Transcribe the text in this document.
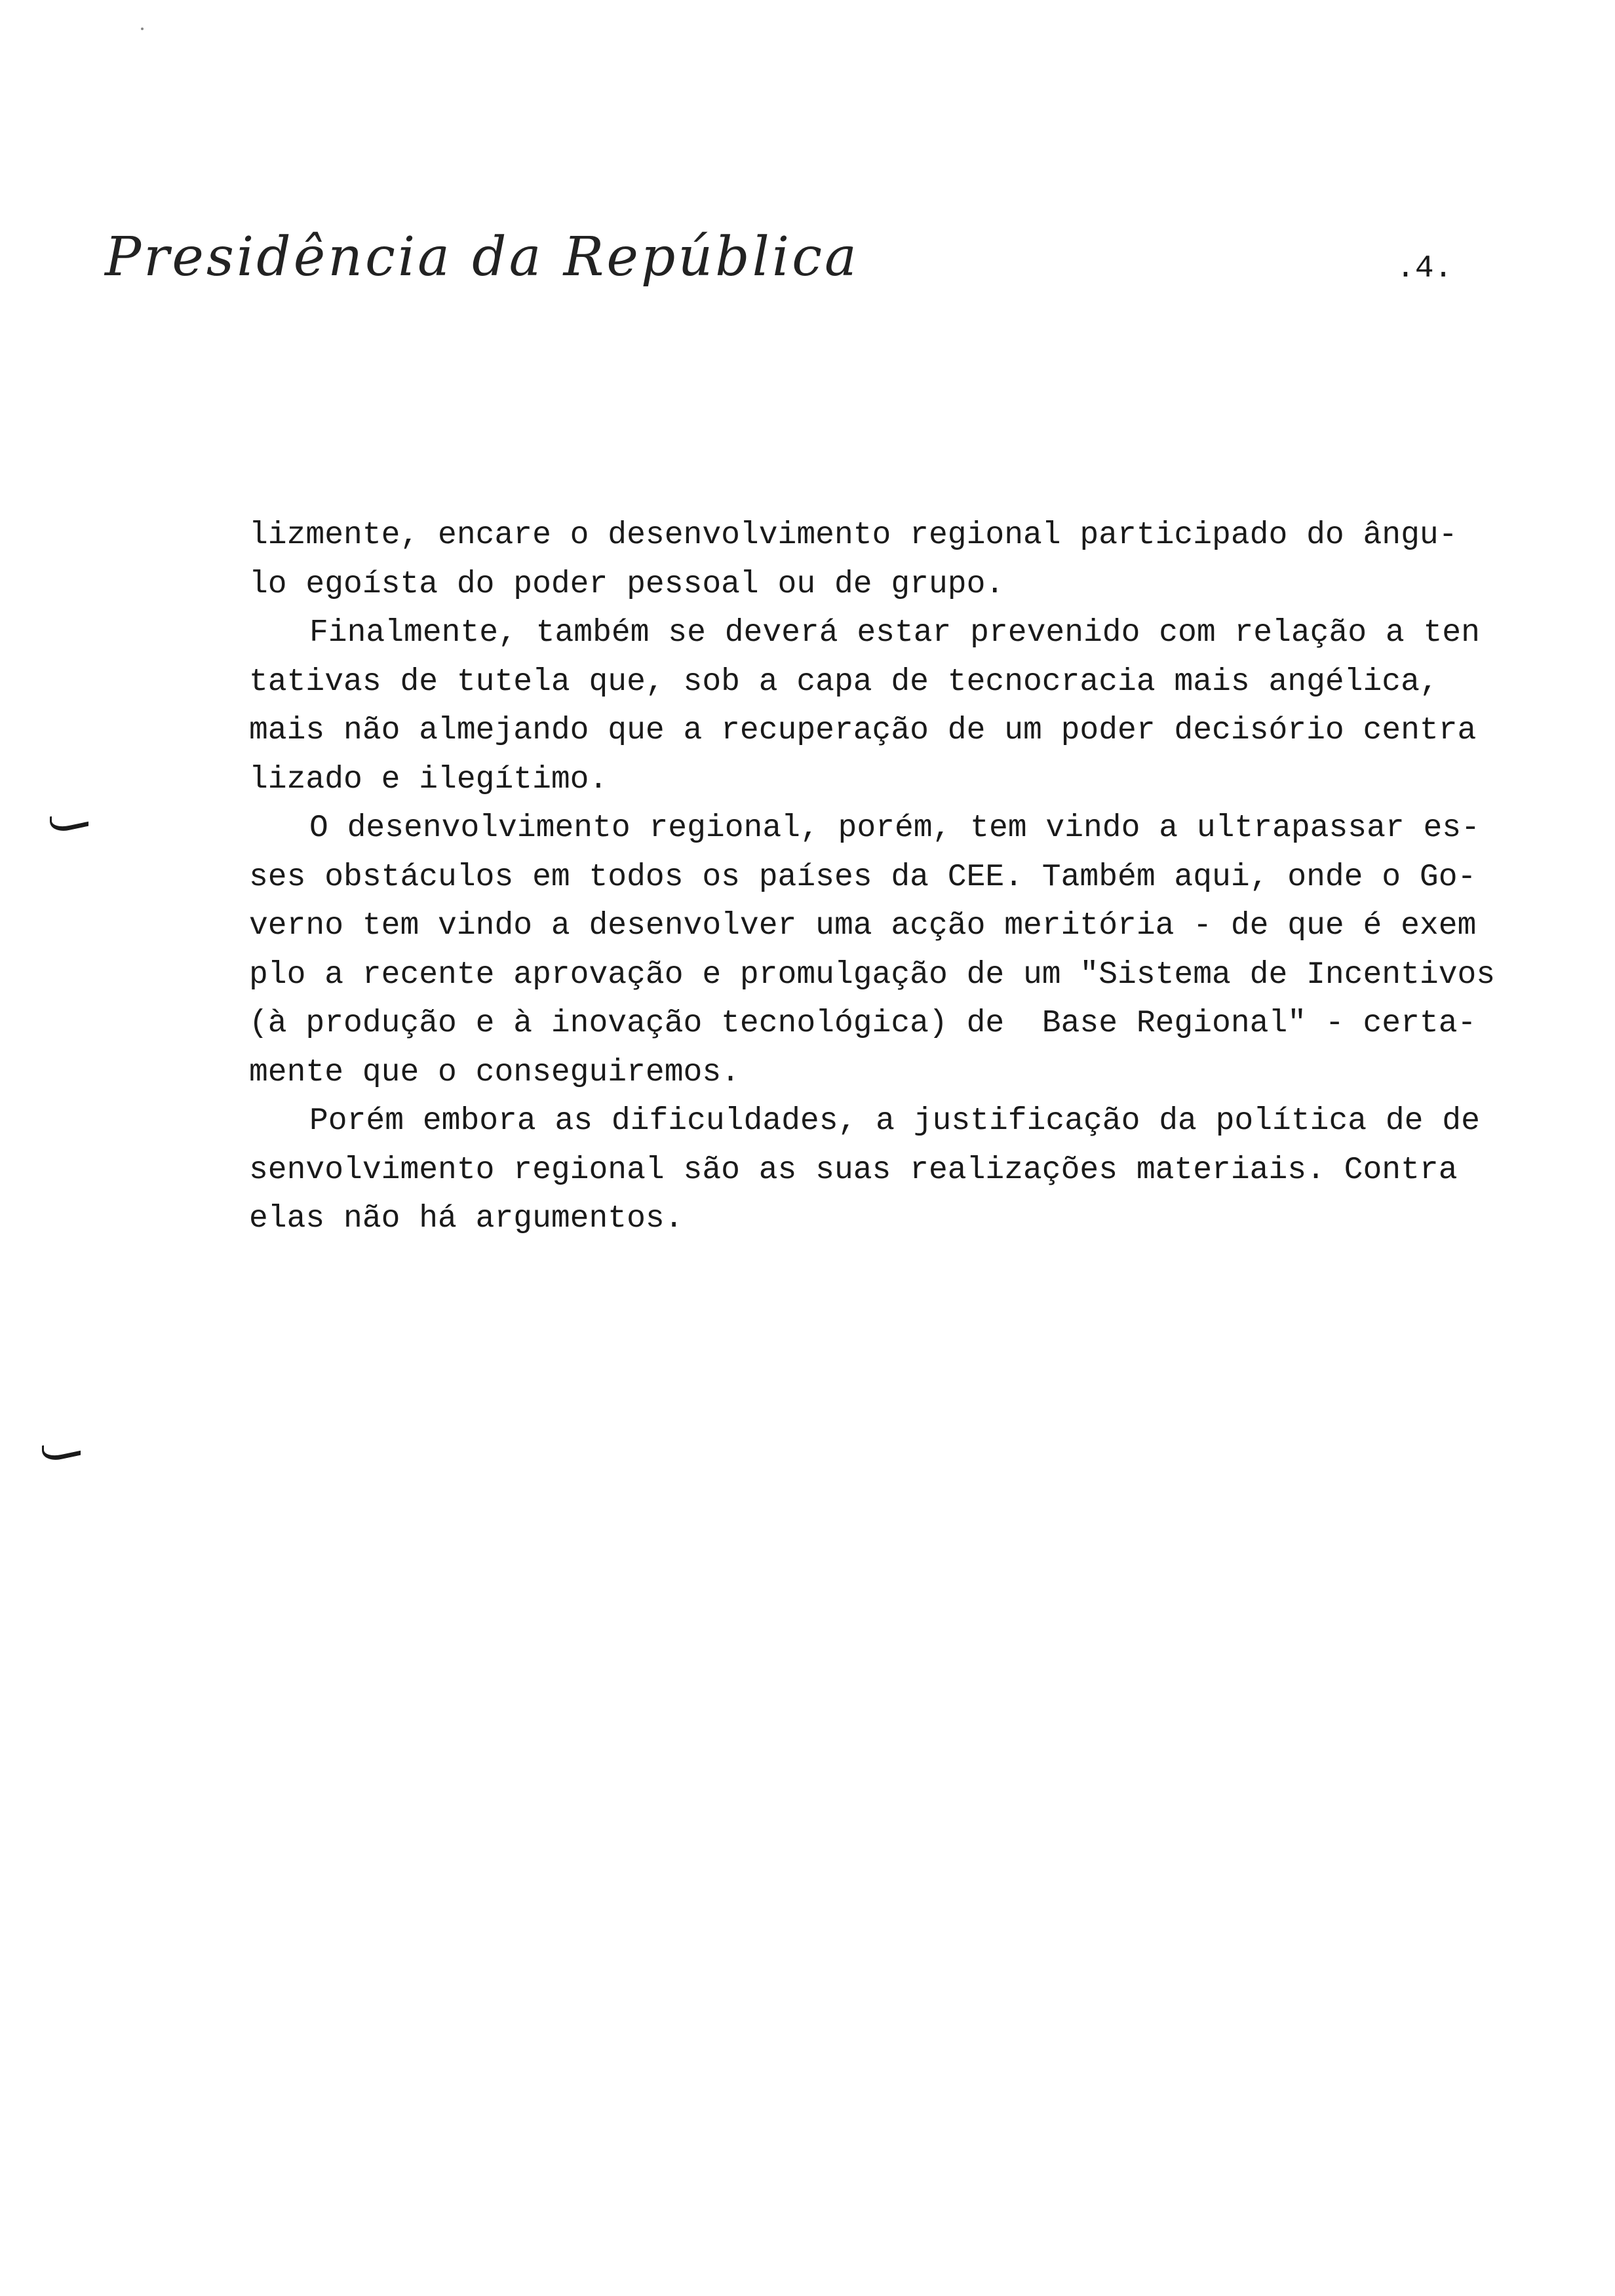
Presidência da República	.4.
lizmente, encare o desenvolvimento regional participado do ângu-
lo egoísta do poder pessoal ou de grupo.
Finalmente, também se deverá estar prevenido com relação a ten
tativas de tutela que, sob a capa de tecnocracia mais angélica,
mais não almejando que a recuperação de um poder decisório centra
lizado e ilegítimo.
O desenvolvimento regional, porém, tem vindo a ultrapassar es-
ses obstáculos em todos os países da CEE. Também aqui, onde o Go-
verno tem vindo a desenvolver uma acção meritória - de que é exem
plo a recente aprovação e promulgação de um "Sistema de Incentivos
(à produção e à inovação tecnológica) de  Base Regional" - certa-
mente que o conseguiremos.
Porém embora as dificuldades, a justificação da política de de
senvolvimento regional são as suas realizações materiais. Contra
elas não há argumentos.
